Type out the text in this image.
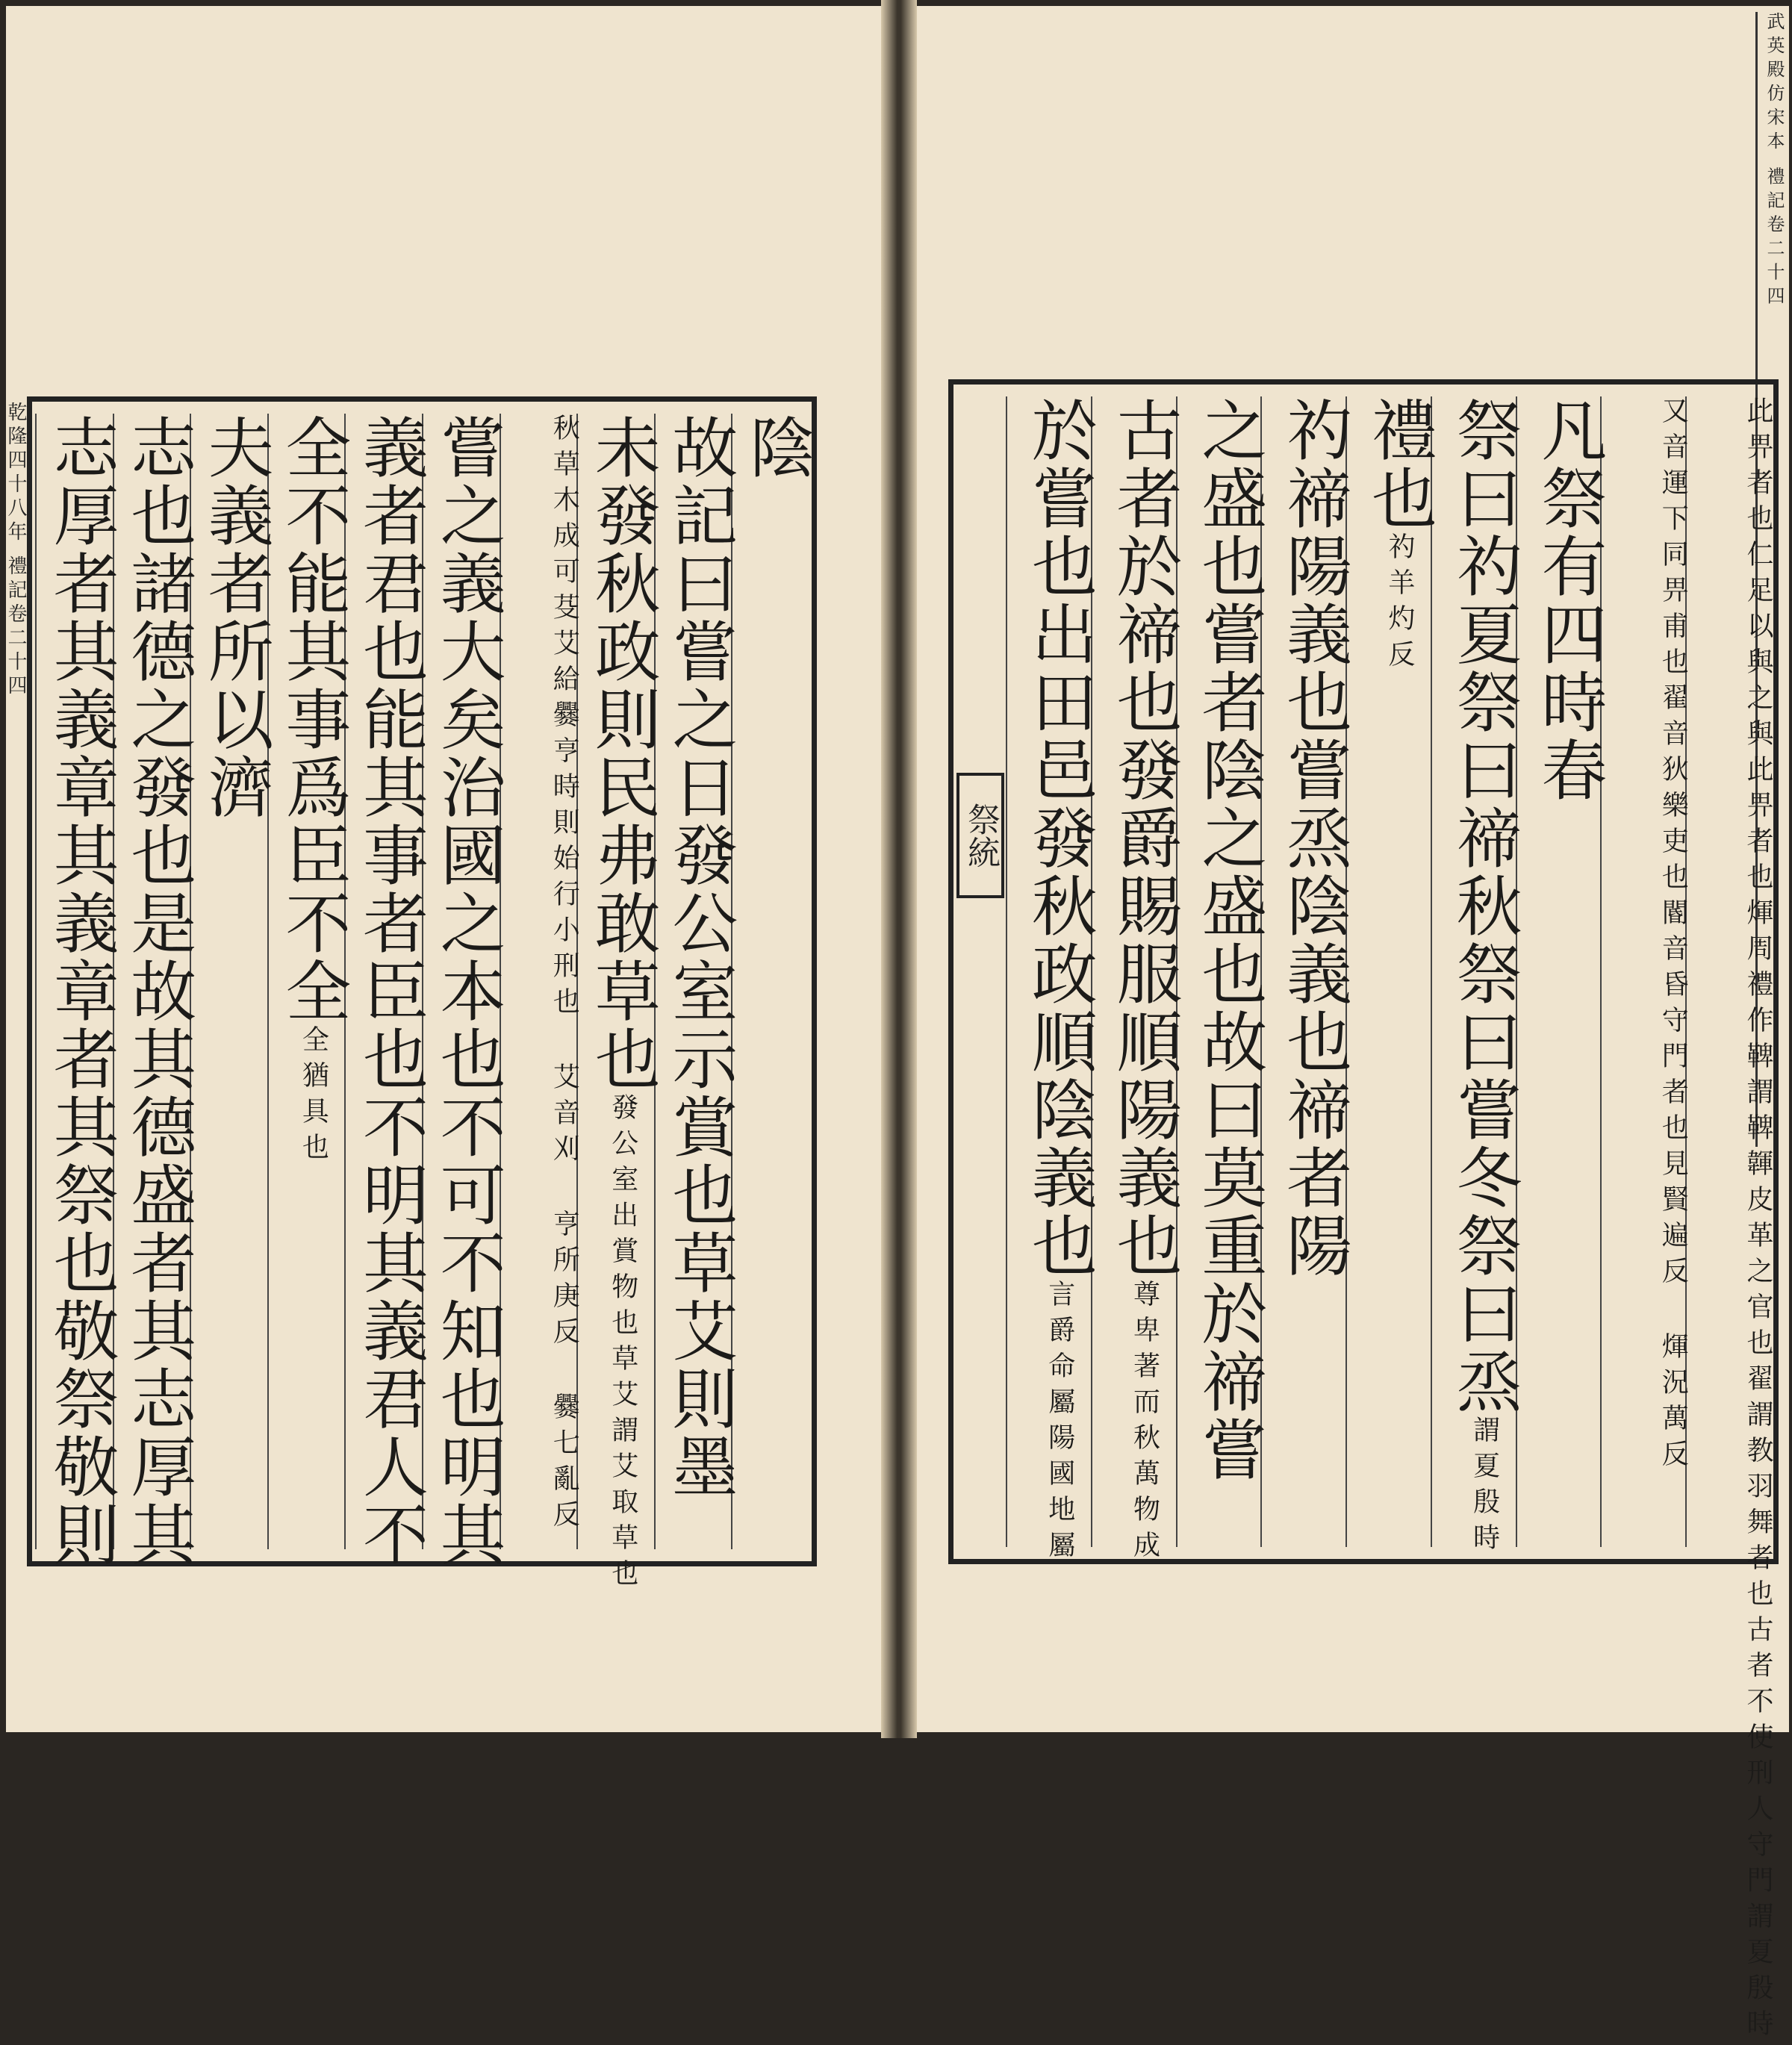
乾隆四十八年 禮記卷二十四	陰
故記曰嘗之日發公室示賞也草艾則墨
未發秋政則民弗敢草也發公室出賞物也草艾謂艾取草也
秋草木成可芟艾給爨亨時則始行小刑也 艾音刈 亨所庚反 爨七亂反
嘗之義大矣治國之本也不可不知也明其
義者君也能其事者臣也不明其義君人不
全不能其事爲臣不全全猶具也
夫義者所以濟
志也諸德之發也是故其德盛者其志厚其
志厚者其義章其義章者其祭也敬祭敬則
武英殿仿宋本 禮記卷二十四
祭統	此畀者也仁足以與之與此畀者也煇周禮作鞞謂鞞韗皮革之官也翟謂教羽舞者也古者不使刑人守門謂夏殷時
又音運下同畀甫也翟音狄樂吏也閽音昏守門者也見賢遍反 煇況萬反
凡祭有四時春
祭曰礿夏祭曰禘秋祭曰嘗冬祭曰烝謂夏殷時
禮也礿羊灼反
礿禘陽義也嘗烝陰義也禘者陽
之盛也嘗者陰之盛也故曰莫重於禘嘗
古者於禘也發爵賜服順陽義也尊卑著而秋萬物成
於嘗也出田邑發秋政順陰義也言爵命屬陽國地屬
